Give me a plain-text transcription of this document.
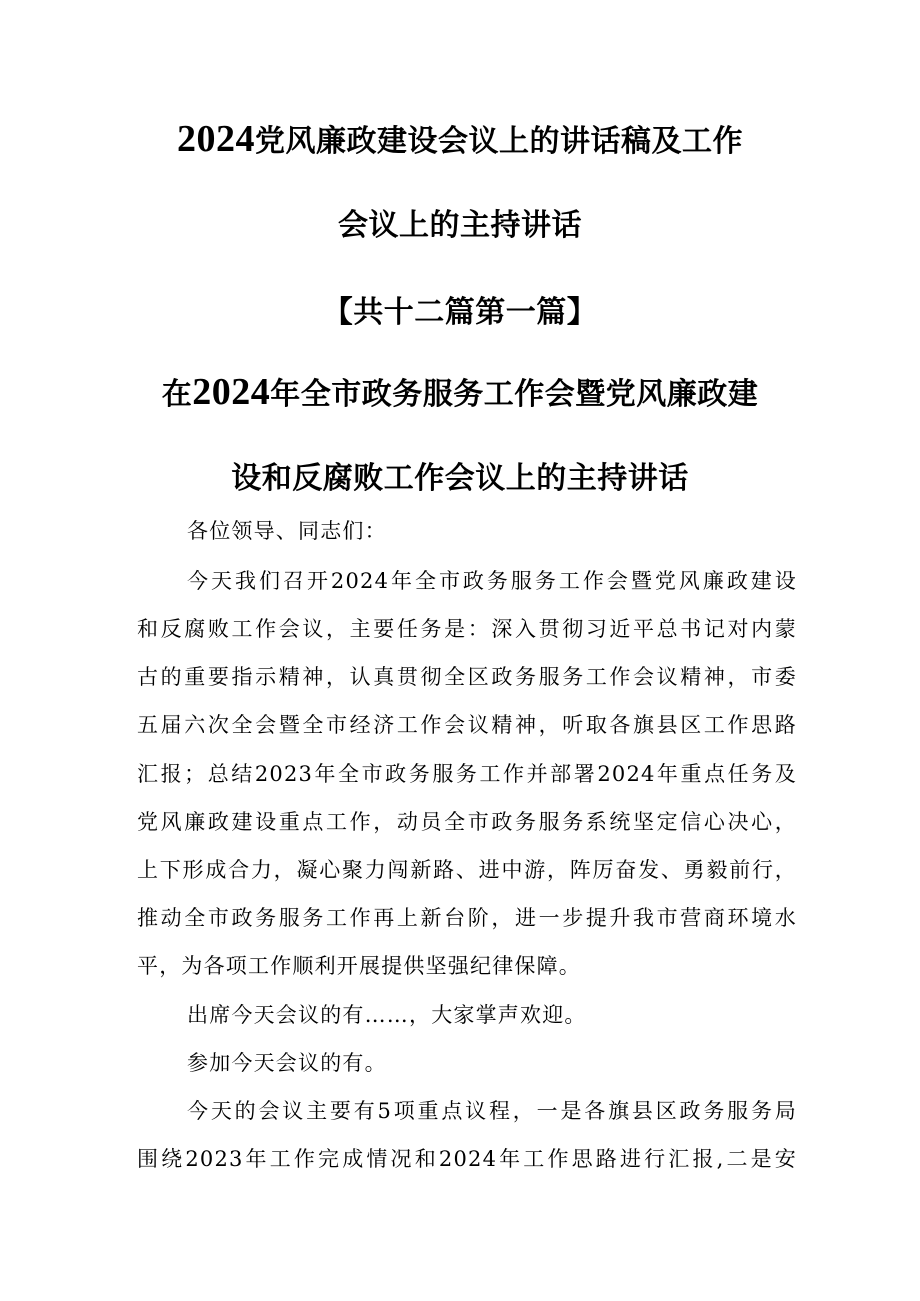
2024党风廉政建设会议上的讲话稿及工作
会议上的主持讲话
【共十二篇第一篇】
在2024年全市政务服务工作会暨党风廉政建
设和反腐败工作会议上的主持讲话
各位领导、同志们：
今天我们召开2024年全市政务服务工作会暨党风廉政建设
和反腐败工作会议，主要任务是：深入贯彻习近平总书记对内蒙
古的重要指示精神，认真贯彻全区政务服务工作会议精神，市委
五届六次全会暨全市经济工作会议精神，听取各旗县区工作思路
汇报；总结2023年全市政务服务工作并部署2024年重点任务及
党风廉政建设重点工作，动员全市政务服务系统坚定信心决心，
上下形成合力，凝心聚力闯新路、进中游，阵厉奋发、勇毅前行，
推动全市政务服务工作再上新台阶，进一步提升我市营商环境水
平，为各项工作顺利开展提供坚强纪律保障。
出席今天会议的有……，大家掌声欢迎。
参加今天会议的有。
今天的会议主要有5项重点议程，一是各旗县区政务服务局
围绕2023年工作完成情况和2024年工作思路进行汇报,二是安
